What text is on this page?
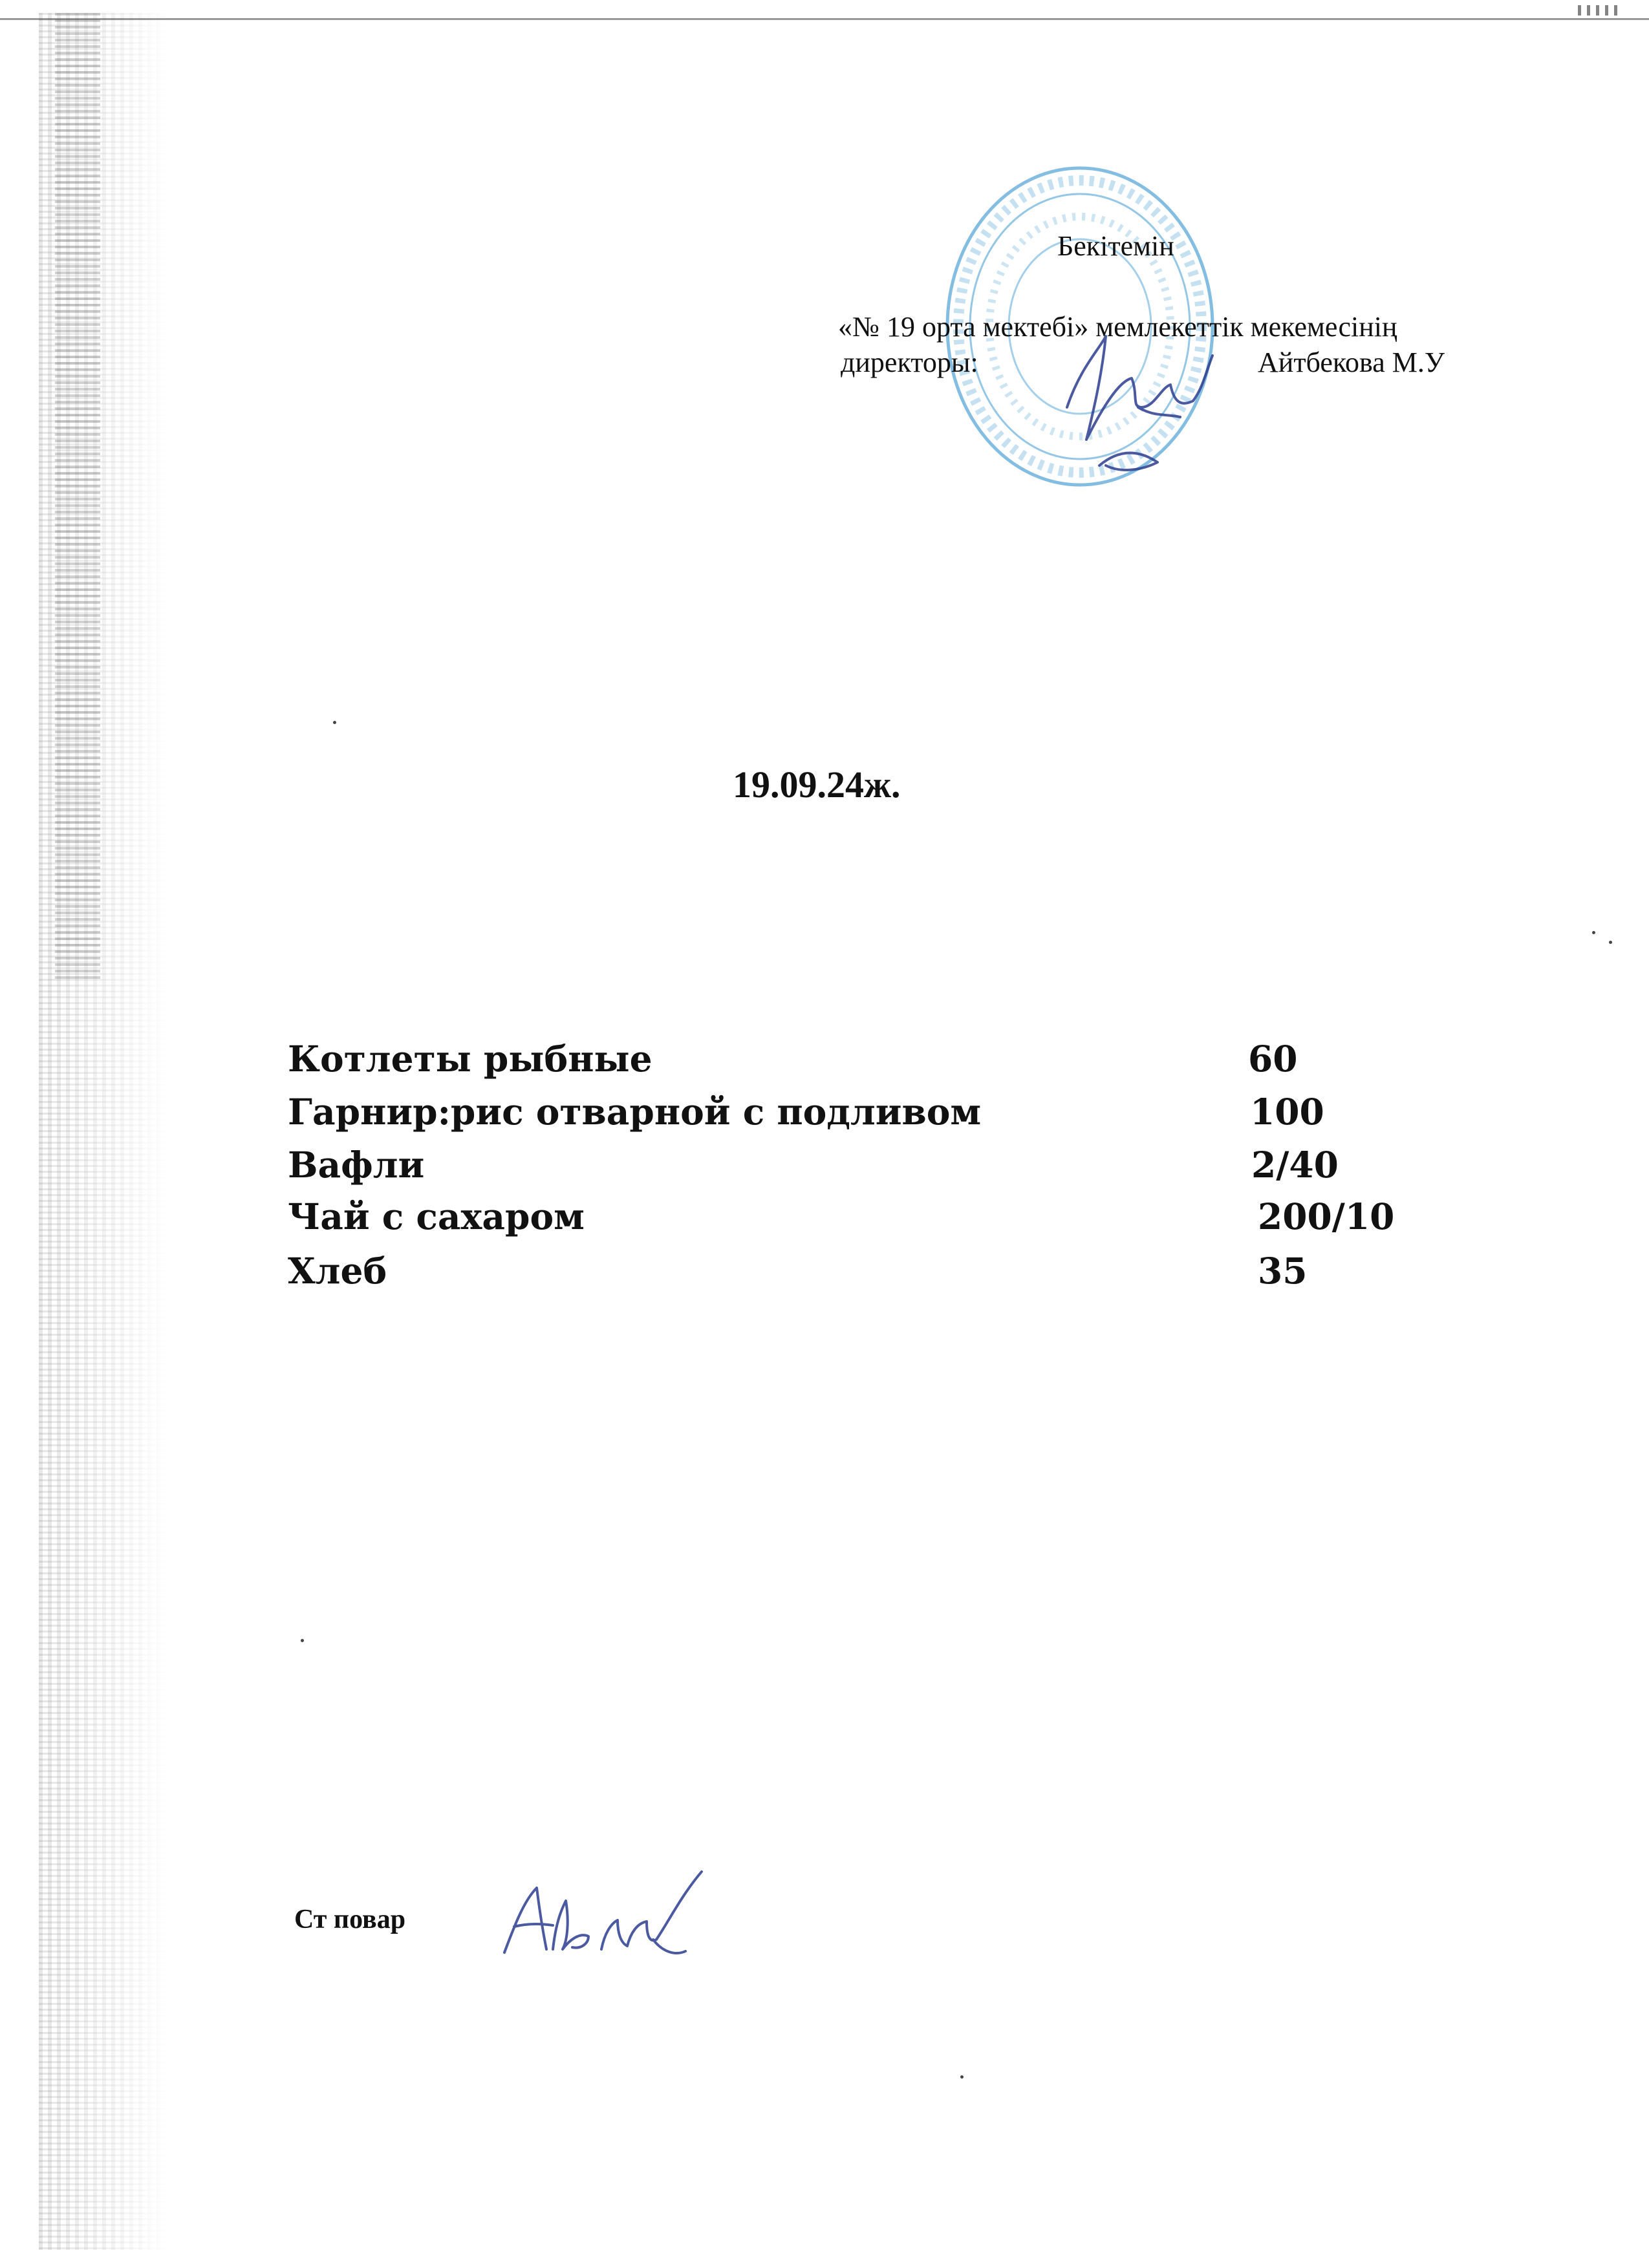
Бекітемін
«№ 19 орта мектебі» мемлекеттік мекемесінің
директоры:	Айтбекова М.У
19.09.24ж.
Котлеты рыбные	60
Гарнир:рис отварной с подливом	100
Вафли	2/40
Чай с сахаром	200/10
Хлеб	35
Ст повар
